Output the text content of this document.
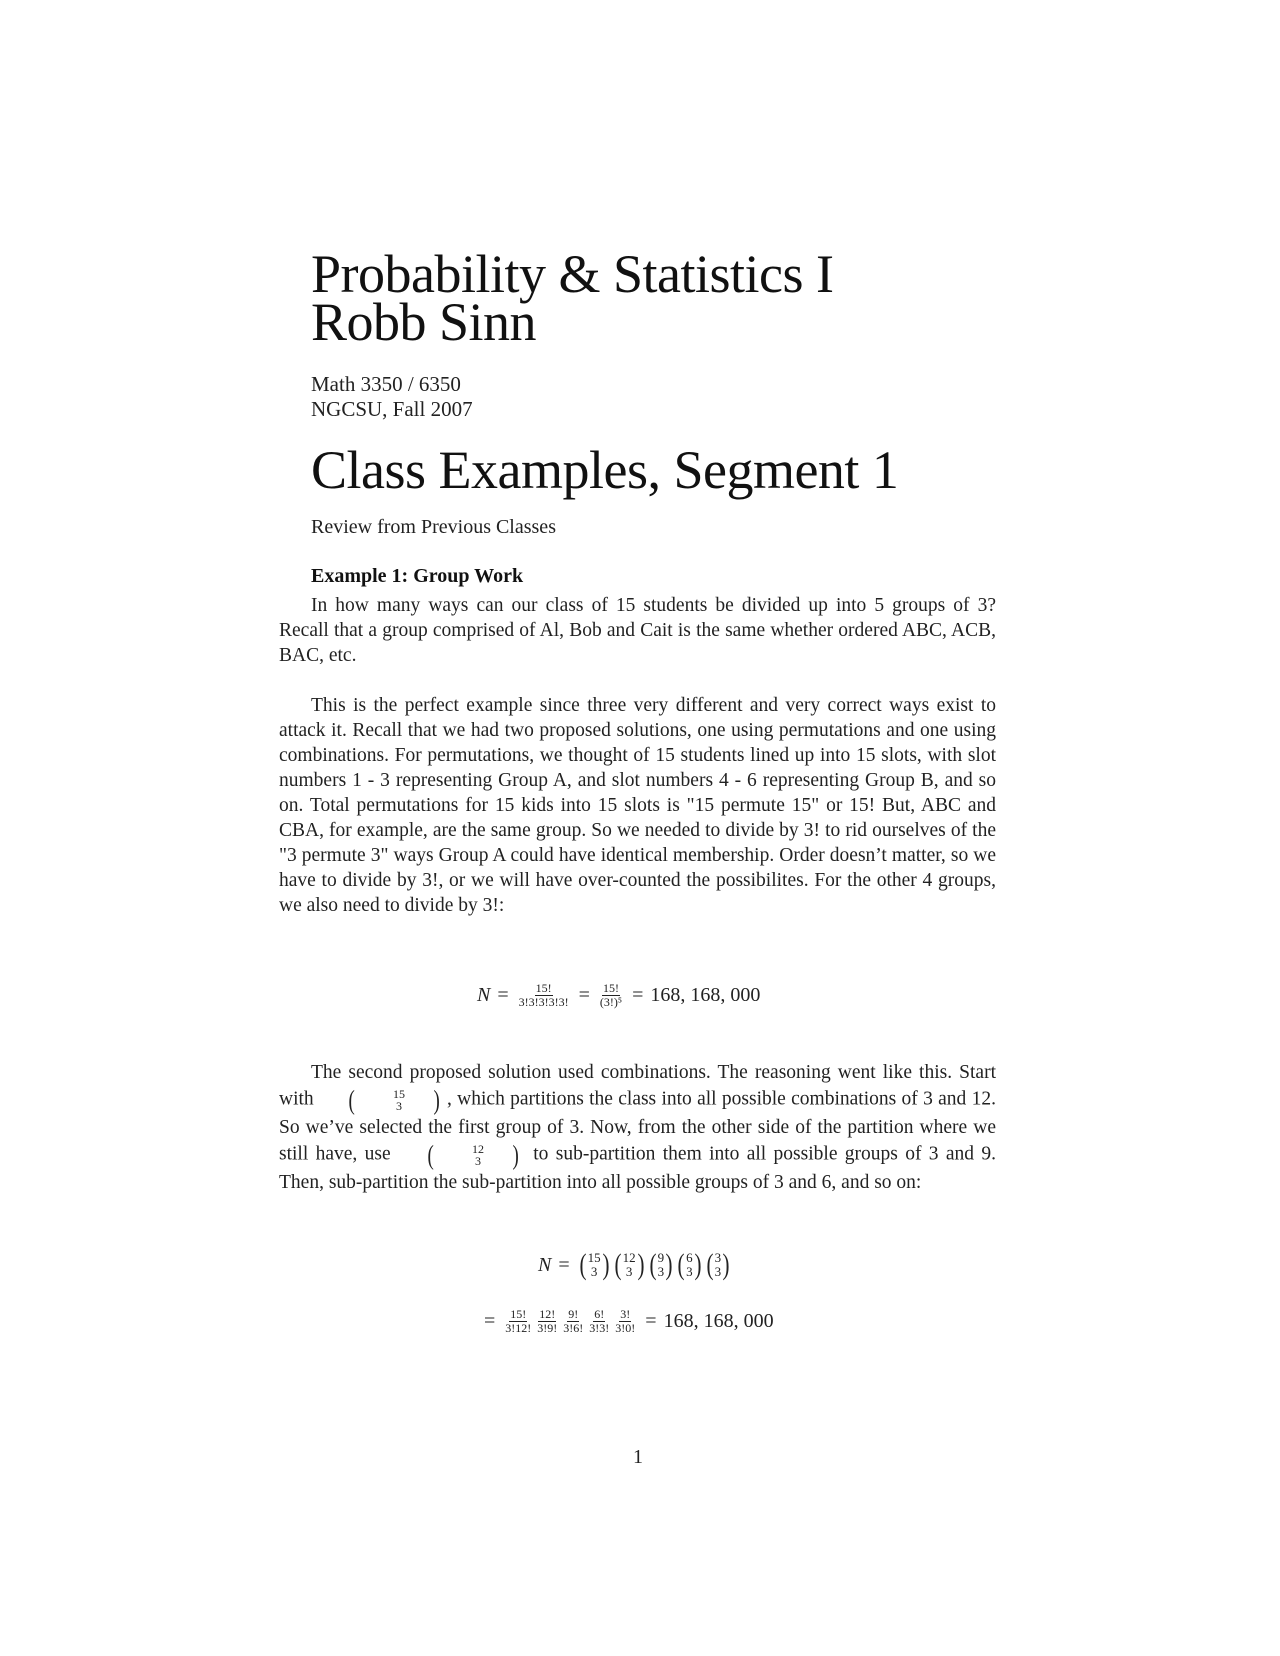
Probability & Statistics I
Robb Sinn
Math 3350 / 6350
NGCSU, Fall 2007
Class Examples, Segment 1
Review from Previous Classes
Example 1: Group Work

In how many ways can our class of 15 students be divided up into 5 groups of 3? Recall that a group comprised of Al, Bob and Cait is the same whether ordered ABC, ACB, BAC, etc.

This is the perfect example since three very different and very correct ways exist to attack it. Recall that we had two proposed solutions, one using permutations and one using combinations. For permutations, we thought of 15 students lined up into 15 slots, with slot numbers 1 - 3 representing Group A, and slot numbers 4 - 6 representing Group B, and so on. Total permutations for 15 kids into 15 slots is "15 permute 15" or 15! But, ABC and CBA, for example, are the same group. So we needed to divide by 3! to rid ourselves of the "3 permute 3" ways Group A could have identical membership. Order doesn’t matter, so we have to divide by 3!, or we will have over-counted the possibilites. For the other 4 groups, we also need to divide by 3!:

$N = \frac{15!}{3!3!3!3!3!} = \frac{15!}{\text{(3!)⁵}} = 168$, 168, 000

The second proposed solution used combinations. The reasoning went like this. Start with	(	15
3	) , which partitions the class into all possible combinations of 3 and 12. So we’ve selected the first group of 3. Now, from the other side of the partition where we still have, use	(	12
3	) to sub-partition them into all possible groups of 3 and 9. Then, sub-partition the sub-partition into all possible groups of 3 and 6, and so on:

N = ( 15
3 ) ( 12
3 ) ( 9
3 ) ( 6
3 ) ( 3
3 )
= $\frac{15!}{3!12!} \frac{12!}{3!9!} \frac{9!}{3!6!} \frac{6!}{3!3!} \frac{3!}{3!0!} = 168$, 168, 000
1
